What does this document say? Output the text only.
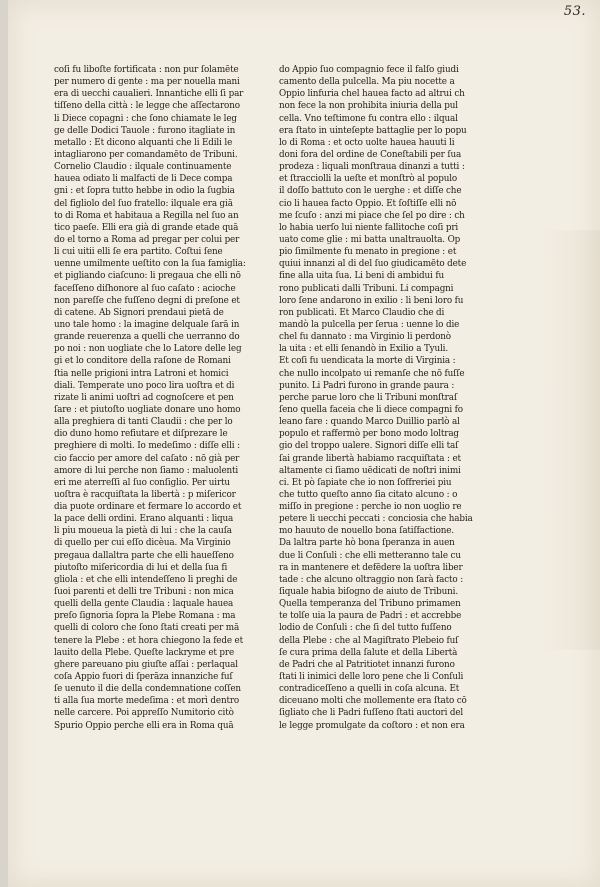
53.
coſi fu liboſte fortificata : non pur ſolamēte
per numero di gente : ma per nouella mani
era di uecchi caualieri. Innantiche elli ſi par
tiſſeno della città : le legge che aſſectarono
li Diece copagni : che ſono chiamate le leg
ge delle Dodici Tauole : furono itagliate in
metallo : Et dicono alquanti che li Edili le
intagliarono per comandamēto de Tribuni.
Cornelio Claudio : ilquale continuamente
hauea odiato li malfacti de li Dece compa
gni : et ſopra tutto hebbe in odio la ſugbia
del figliolo del ſuo fratello: ilquale era giā
to di Roma et habitaua a Regilla nel ſuo an
tico paeſe. Elli era già di grande etade quā
do el torno a Roma ad pregar per colui per
li cui uitii elli ſe era partito. Coſtui ſene
uenne umilmente ueſtito con la ſua famiglia:
et pigliando ciaſcuno: li pregaua che elli nō
faceſſeno diſhonore al ſuo caſato : acioche
non pareſſe che fuſſeno degni di preſone et
di catene. Ab Signori prendaui pietā de
uno tale homo : la imagine delquale ſarā in
grande reuerenza a quelli che uerranno do
po noi : non uogliate che lo Latore delle leg
gi et lo conditore della raſone de Romani
ſtia nelle prigioni intra Latroni et homici
diali. Temperate uno poco lira uoſtra et di
rizate li animi uoſtri ad cognoſcere et pen
ſare : et piutoſto uogliate donare uno homo
alla preghiera di tanti Claudii : che per lo
dio duno homo refiutare et diſprezare le
preghiere di molti. Io medeſimo : diſſe elli :
cio faccio per amore del caſato : nō già per
amore di lui perche non ſiamo : maluolenti
eri me aterreſſi al ſuo conſiglio. Per uirtu
uoſtra è racquiſtata la libertà : p miſericor
dia puote ordinare et fermare lo accordo et
la pace delli ordini. Erano alquanti : liqua
li piu moueua la pietà di lui : che la cauſa
di quello per cui eſſo dicèua. Ma Virginio
pregaua dallaltra parte che elli haueſſeno
piutoſto miſericordia di lui et della ſua fi
gliola : et che elli intendeſſeno li preghi de
ſuoi parenti et delli tre Tribuni : non mica
quelli della gente Claudia : laquale hauea
preſo ſignoria ſopra la Plebe Romana : ma
quelli di coloro che ſono ſtati creati per mā
tenere la Plebe : et hora chiegono la fede et
lauito della Plebe. Queſte lackryme et pre
ghere pareuano piu giuſte aſſai : perlaqual
coſa Appio fuori di ſperāza innanziche fuſ
ſe uenuto il die della condemnatione coſſen
ti alla ſua morte medeſima : et morì dentro
nelle carcere. Poi appreſſo Numitorio citò
Spurio Oppio perche elli era in Roma quā
do Appio ſuo compagnio fece il falſo giudi
camento della pulcella. Ma piu nocette a
Oppio linfuria chel hauea facto ad altrui ch
non fece la non prohibita iniuria della pul
cella. Vno teſtimone fu contra ello : ilqual
era ſtato in uinteſepte battaglie per lo popu
lo di Roma : et octo uolte hauea hauuti li
doni fora del ordine de Coneſtabili per ſua
prodeza : liquali monſtraua dinanzi a tutti :
et ſtracciolli la ueſte et monſtrò al populo
il doſſo battuto con le uerghe : et diſſe che
cio li hauea facto Oppio. Et ſoſtiſſe elli nō
me ſcuſo : anzi mi piace che ſel po dire : ch
lo habia uerſo lui niente fallitoche coſi pri
uato come glie : mi batta unaltrauolta. Op
pio ſimilmente fu menato in pregione : et
quiui innanzi al di del ſuo giudicamēto dete
fine alla uita ſua. Li beni di ambidui fu
rono publicati dalli Tribuni. Li compagni
loro ſene andarono in exilio : li beni loro fu
ron publicati. Et Marco Claudio che di
mandò la pulcella per ſerua : uenne lo die
chel fu dannato : ma Virginio li perdonò
la uita : et elli ſenandò in Exilio a Tyuli.
Et coſi fu uendicata la morte di Virginia :
che nullo incolpato ui remanſe che nō fuſſe
punito. Li Padri furono in grande paura :
perche parue loro che li Tribuni monſtraſ
ſeno quella faceia che li diece compagni fo
leano fare : quando Marco Duillio parlò al
populo et raffermò per bono modo loltrag
gio del troppo ualere. Signori diſſe elli taſ
ſai grande libertà habiamo racquiſtata : et
altamente ci ſiamo uēdicati de noſtri inimi
ci. Et pò ſapiate che io non ſoffreriei piu
che tutto queſto anno ſia citato alcuno : o
miſſo in pregione : perche io non uoglio re
petere li uecchi peccati : conciosia che habia
mo hauuto de nouello bona ſatiſfactione.
Da laltra parte hò bona ſperanza in auen
due li Conſuli : che elli metteranno tale cu
ra in mantenere et defēdere la uoſtra liber
tade : che alcuno oltraggio non ſarà facto :
ſiquale habia biſogno de aiuto de Tribuni.
Quella temperanza del Tribuno primamen
te tolſe uia la paura de Padri : et accrebbe
lodio de Conſuli : che ſi del tutto fuſſeno
della Plebe : che al Magiſtrato Plebeio fuſ
ſe cura prima della ſalute et della Libertà
de Padri che al Patritiotet innanzi furono
ſtati li inimici delle loro pene che li Conſuli
contradiceſſeno a quelli in coſa alcuna. Et
diceuano molti che mollemente era ſtato cō
ſigliato che li Padri fuſſeno ſtati auctori del
le legge promulgate da coſtoro : et non era
